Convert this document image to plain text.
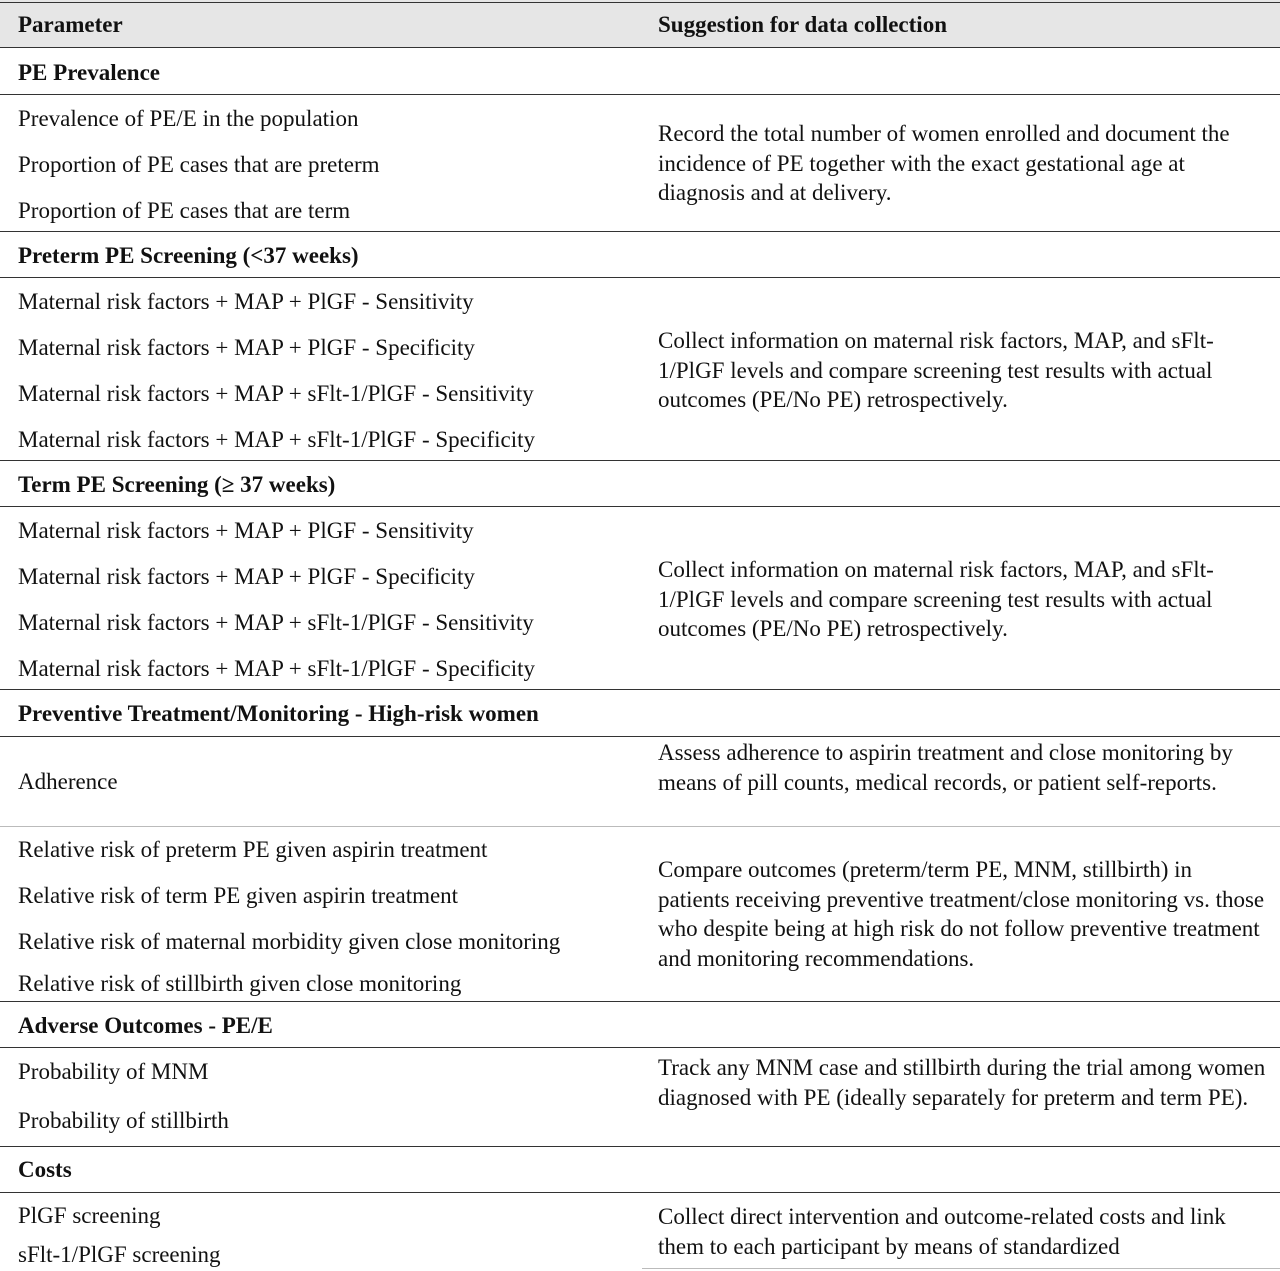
Parameter	Suggestion for data collection
PE Prevalence
Prevalence of PE/E in the population
Proportion of PE cases that are preterm
Proportion of PE cases that are term
Record the total number of women enrolled and document the incidence of PE together with the exact gestational age at diagnosis and at delivery.
Preterm PE Screening (<37 weeks)
Maternal risk factors + MAP + PlGF - Sensitivity
Maternal risk factors + MAP + PlGF - Specificity
Maternal risk factors + MAP + sFlt-1/PlGF - Sensitivity
Maternal risk factors + MAP + sFlt-1/PlGF - Specificity
Collect information on maternal risk factors, MAP, and sFlt-1/PlGF levels and compare screening test results with actual outcomes (PE/No PE) retrospectively.
Term PE Screening (≥ 37 weeks)
Maternal risk factors + MAP + PlGF - Sensitivity
Maternal risk factors + MAP + PlGF - Specificity
Maternal risk factors + MAP + sFlt-1/PlGF - Sensitivity
Maternal risk factors + MAP + sFlt-1/PlGF - Specificity
Collect information on maternal risk factors, MAP, and sFlt-1/PlGF levels and compare screening test results with actual outcomes (PE/No PE) retrospectively.
Preventive Treatment/Monitoring - High-risk women
Adherence
Assess adherence to aspirin treatment and close monitoring by means of pill counts, medical records, or patient self-reports.
Relative risk of preterm PE given aspirin treatment
Relative risk of term PE given aspirin treatment
Relative risk of maternal morbidity given close monitoring
Relative risk of stillbirth given close monitoring
Compare outcomes (preterm/term PE, MNM, stillbirth) in patients receiving preventive treatment/close monitoring vs. those who despite being at high risk do not follow preventive treatment and monitoring recommendations.
Adverse Outcomes - PE/E
Probability of MNM
Probability of stillbirth
Track any MNM case and stillbirth during the trial among women diagnosed with PE (ideally separately for preterm and term PE).
Costs
PlGF screening
sFlt-1/PlGF screening
Collect direct intervention and outcome-related costs and link them to each participant by means of standardized
